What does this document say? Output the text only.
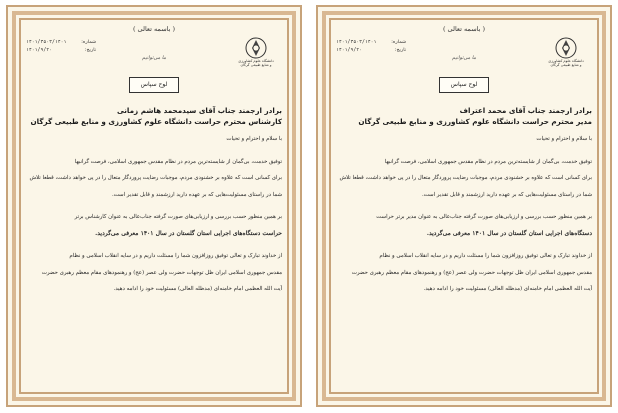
( باسمه تعالی )
دانشگاه علوم کشاورزی و منابع طبیعی گرگان
شماره:
۱۴۰۱/۳۵۰۳/۱۴۰۱
تاریخ:
۱۴۰۱/۹/۲۰
ما می‌توانیم
لوح سپاس
برادر ارجمند جناب آقای سیدمحمد هاشم زمانی
کارشناس محترم حراست دانشگاه علوم کشاورزی و منابع طبیعی گرگان

با سلام و احترام و تحیات

توفیق خدمت، بی‌گمان از شایسته‌ترین مردم در نظام مقدس جمهوری اسلامی، فرصت گرانبها

برای کسانی است که علاوه بر خشنودی مردم، موجبات رضایت پروردگار متعال را در پی خواهد داشت، قطعا تلاش

شما در راستای مسئولیت‌هایی که بر عهده دارید ارزشمند و قابل تقدیر است.

بر همین منظور حسب بررسی و ارزیابی‌های صورت گرفته جناب‌عالی به عنوان کارشناس برتر

حراست دستگاه‌های اجرایی استان گلستان در سال ۱۴۰۱ معرفی می‌گردید.

از خداوند تبارک و تعالی توفیق روزافزون شما را مسئلت داریم و در سایه انقلاب اسلامی و نظام

مقدس جمهوری اسلامی ایران ظل توجهات حضرت ولی عصر (عج) و رهنمودهای مقام معظم رهبری حضرت

آیت الله العظمی امام خامنه‌ای (مدظله العالی) مسئولیت خود را ادامه دهید.

( باسمه تعالی )
دانشگاه علوم کشاورزی و منابع طبیعی گرگان
شماره:
۱۴۰۱/۳۵۰۳/۱۴۰۱
تاریخ:
۱۴۰۱/۹/۲۰
ما می‌توانیم
لوح سپاس
برادر ارجمند جناب آقای محمد اعتراف
مدیر محترم حراست دانشگاه علوم کشاورزی و منابع طبیعی گرگان

با سلام و احترام و تحیات

توفیق خدمت، بی‌گمان از شایسته‌ترین مردم در نظام مقدس جمهوری اسلامی، فرصت گرانبها

برای کسانی است که علاوه بر خشنودی مردم، موجبات رضایت پروردگار متعال را در پی خواهد داشت، قطعا تلاش

شما در راستای مسئولیت‌هایی که بر عهده دارید ارزشمند و قابل تقدیر است.

بر همین منظور حسب بررسی و ارزیابی‌های صورت گرفته جناب‌عالی به عنوان مدیر برتر حراست

دستگاه‌های اجرایی استان گلستان در سال ۱۴۰۱ معرفی می‌گردید.

از خداوند تبارک و تعالی توفیق روزافزون شما را مسئلت داریم و در سایه انقلاب اسلامی و نظام

مقدس جمهوری اسلامی ایران ظل توجهات حضرت ولی عصر (عج) و رهنمودهای مقام معظم رهبری حضرت

آیت الله العظمی امام خامنه‌ای (مدظله العالی) مسئولیت خود را ادامه دهید.
